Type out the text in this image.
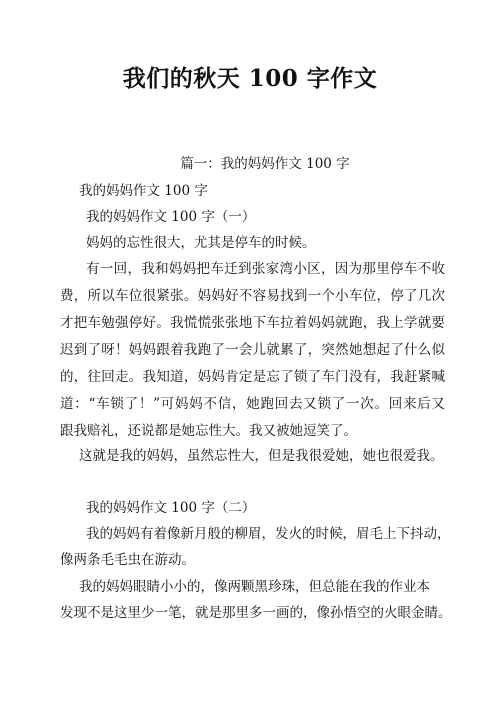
我们的秋天 100 字作文
篇一：我的妈妈作文 100 字
我的妈妈作文 100 字
我的妈妈作文 100 字（一）
妈妈的忘性很大，尤其是停车的时候。
有一回，我和妈妈把车迁到张家湾小区，因为那里停车不收
费，所以车位很紧张。妈妈好不容易找到一个小车位，停了几次
才把车勉强停好。我慌慌张张地下车拉着妈妈就跑，我上学就要
迟到了呀！妈妈跟着我跑了一会儿就累了，突然她想起了什么似
的，往回走。我知道，妈妈肯定是忘了锁了车门没有，我赶紧喊
道：“车锁了！”可妈妈不信，她跑回去又锁了一次。回来后又
跟我赔礼，还说都是她忘性大。我又被她逗笑了。
这就是我的妈妈，虽然忘性大，但是我很爱她，她也很爱我。
我的妈妈作文 100 字（二）
我的妈妈有着像新月般的柳眉，发火的时候，眉毛上下抖动，
像两条毛毛虫在游动。
我的妈妈眼睛小小的，像两颗黑珍珠，但总能在我的作业本
发现不是这里少一笔，就是那里多一画的，像孙悟空的火眼金睛。
